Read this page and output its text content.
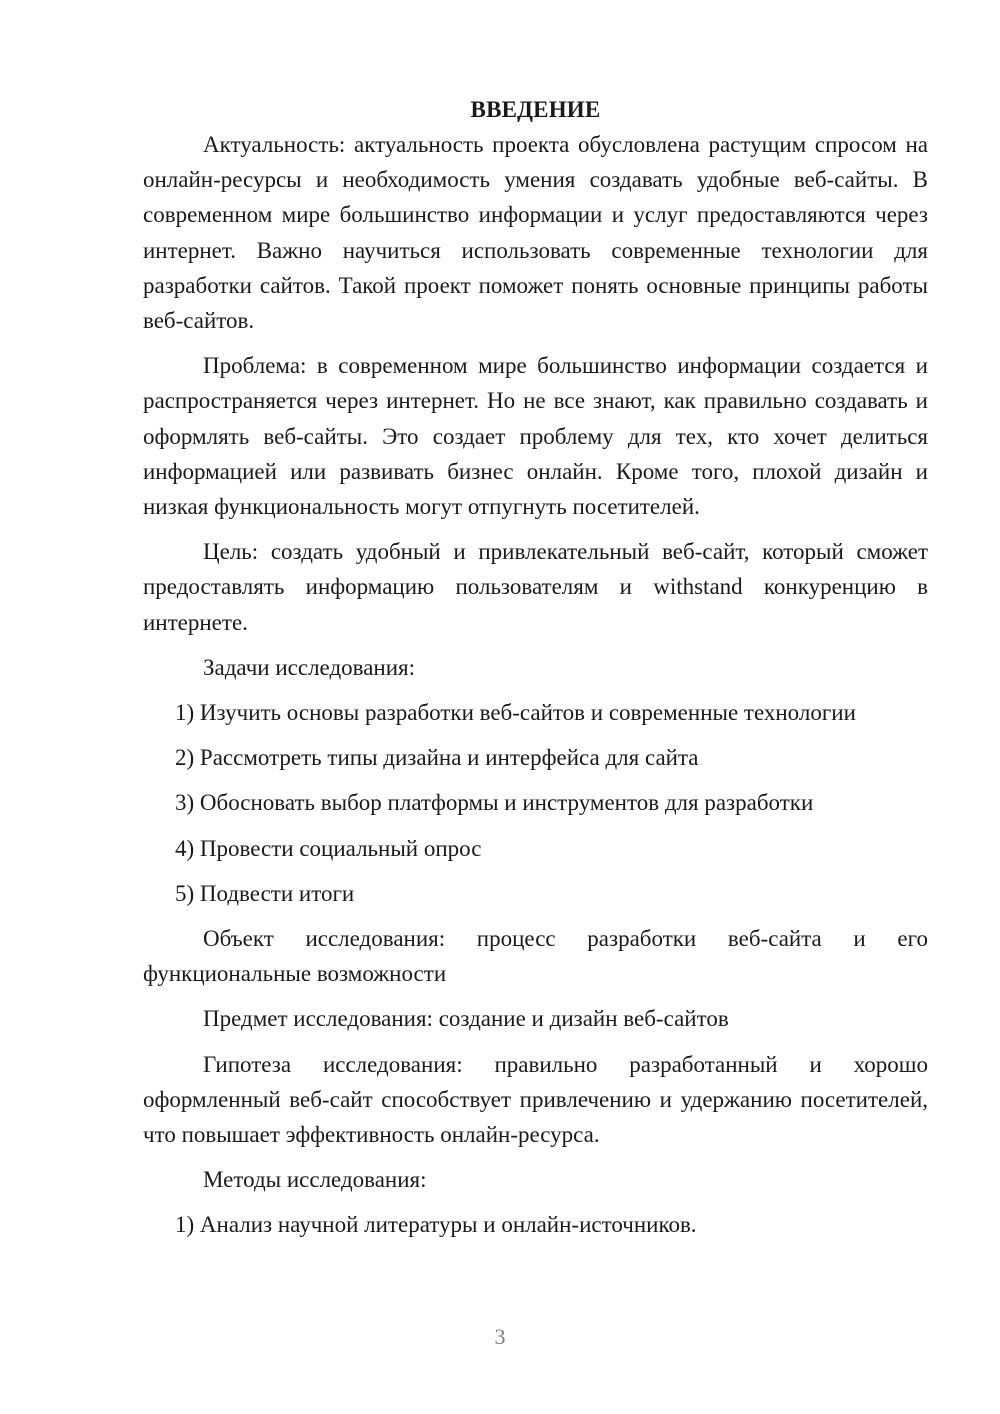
ВВЕДЕНИЕ

Актуальность: актуальность проекта обусловлена растущим спросом на онлайн-ресурсы и необходимость умения создавать удобные веб-сайты. В современном мире большинство информации и услуг предоставляются через интернет. Важно научиться использовать современные технологии для разработки сайтов. Такой проект поможет понять основные принципы работы веб-сайтов.

Проблема: в современном мире большинство информации создается и распространяется через интернет. Но не все знают, как правильно создавать и оформлять веб-сайты. Это создает проблему для тех, кто хочет делиться информацией или развивать бизнес онлайн. Кроме того, плохой дизайн и низкая функциональность могут отпугнуть посетителей.

Цель: создать удобный и привлекательный веб-сайт, который сможет предоставлять информацию пользователям и withstand конкуренцию в интернете.

Задачи исследования:

1) Изучить основы разработки веб-сайтов и современные технологии
2) Рассмотреть типы дизайна и интерфейса для сайта
3) Обосновать выбор платформы и инструментов для разработки
4) Провести социальный опрос
5) Подвести итоги

Объект исследования: процесс разработки веб-сайта и его функциональные возможности

Предмет исследования: создание и дизайн веб-сайтов

Гипотеза исследования: правильно разработанный и хорошо оформленный веб-сайт способствует привлечению и удержанию посетителей, что повышает эффективность онлайн-ресурса.

Методы исследования:

1) Анализ научной литературы и онлайн-источников.
3
